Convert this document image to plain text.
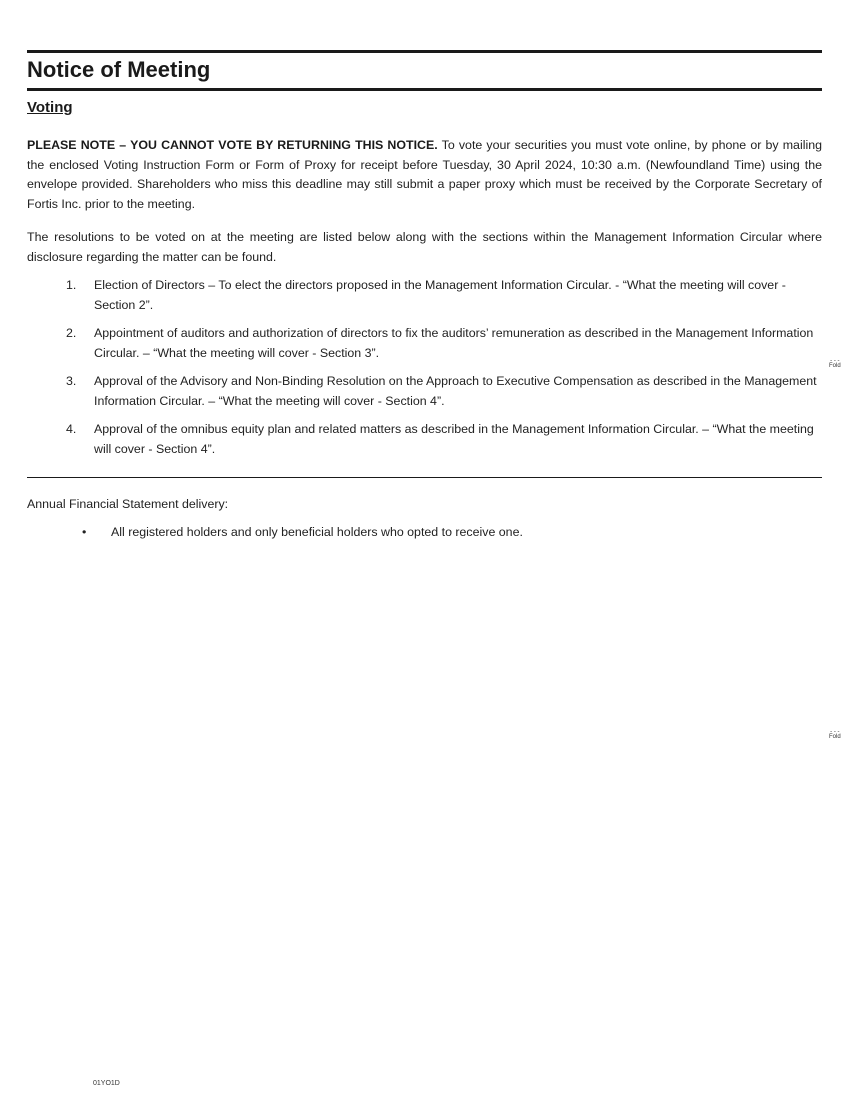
Notice of Meeting
Voting

PLEASE NOTE – YOU CANNOT VOTE BY RETURNING THIS NOTICE. To vote your securities you must vote online, by phone or by mailing the enclosed Voting Instruction Form or Form of Proxy for receipt before Tuesday, 30 April 2024, 10:30 a.m. (Newfoundland Time) using the envelope provided. Shareholders who miss this deadline may still submit a paper proxy which must be received by the Corporate Secretary of Fortis Inc. prior to the meeting.

The resolutions to be voted on at the meeting are listed below along with the sections within the Management Information Circular where disclosure regarding the matter can be found.

1. Election of Directors – To elect the directors proposed in the Management Information Circular. - “What the meeting will cover - Section 2”.
2. Appointment of auditors and authorization of directors to fix the auditors’ remuneration as described in the Management Information Circular. – “What the meeting will cover - Section 3”.
3. Approval of the Advisory and Non-Binding Resolution on the Approach to Executive Compensation as described in the Management Information Circular. – “What the meeting will cover - Section 4”.
4. Approval of the omnibus equity plan and related matters as described in the Management Information Circular. – “What the meeting will cover - Section 4”.
Annual Financial Statement delivery:
• All registered holders and only beneficial holders who opted to receive one.
- - -
Fold
- - -
Fold
01YO1D
